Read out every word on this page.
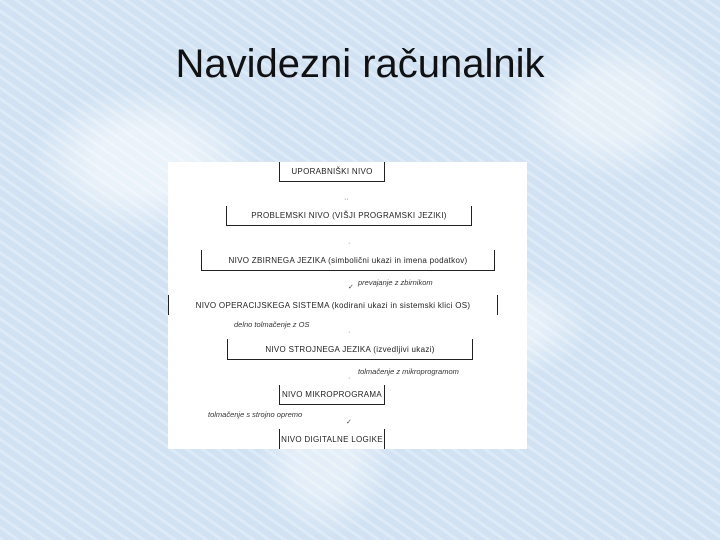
Navidezni računalnik
UPORABNIŠKI NIVO
··
PROBLEMSKI NIVO (VIŠJI PROGRAMSKI JEZIKI)
·
NIVO ZBIRNEGA JEZIKA (simbolični ukazi in imena podatkov)
prevajanje z zbirnikom
✓
NIVO OPERACIJSKEGA SISTEMA (kodirani ukazi in sistemski klici OS)
delno tolmačenje z OS
·
NIVO STROJNEGA JEZIKA (izvedljivi ukazi)
tolmačenje z mikroprogramom
·
NIVO MIKROPROGRAMA
tolmačenje s strojno opremo
✓
NIVO DIGITALNE LOGIKE
